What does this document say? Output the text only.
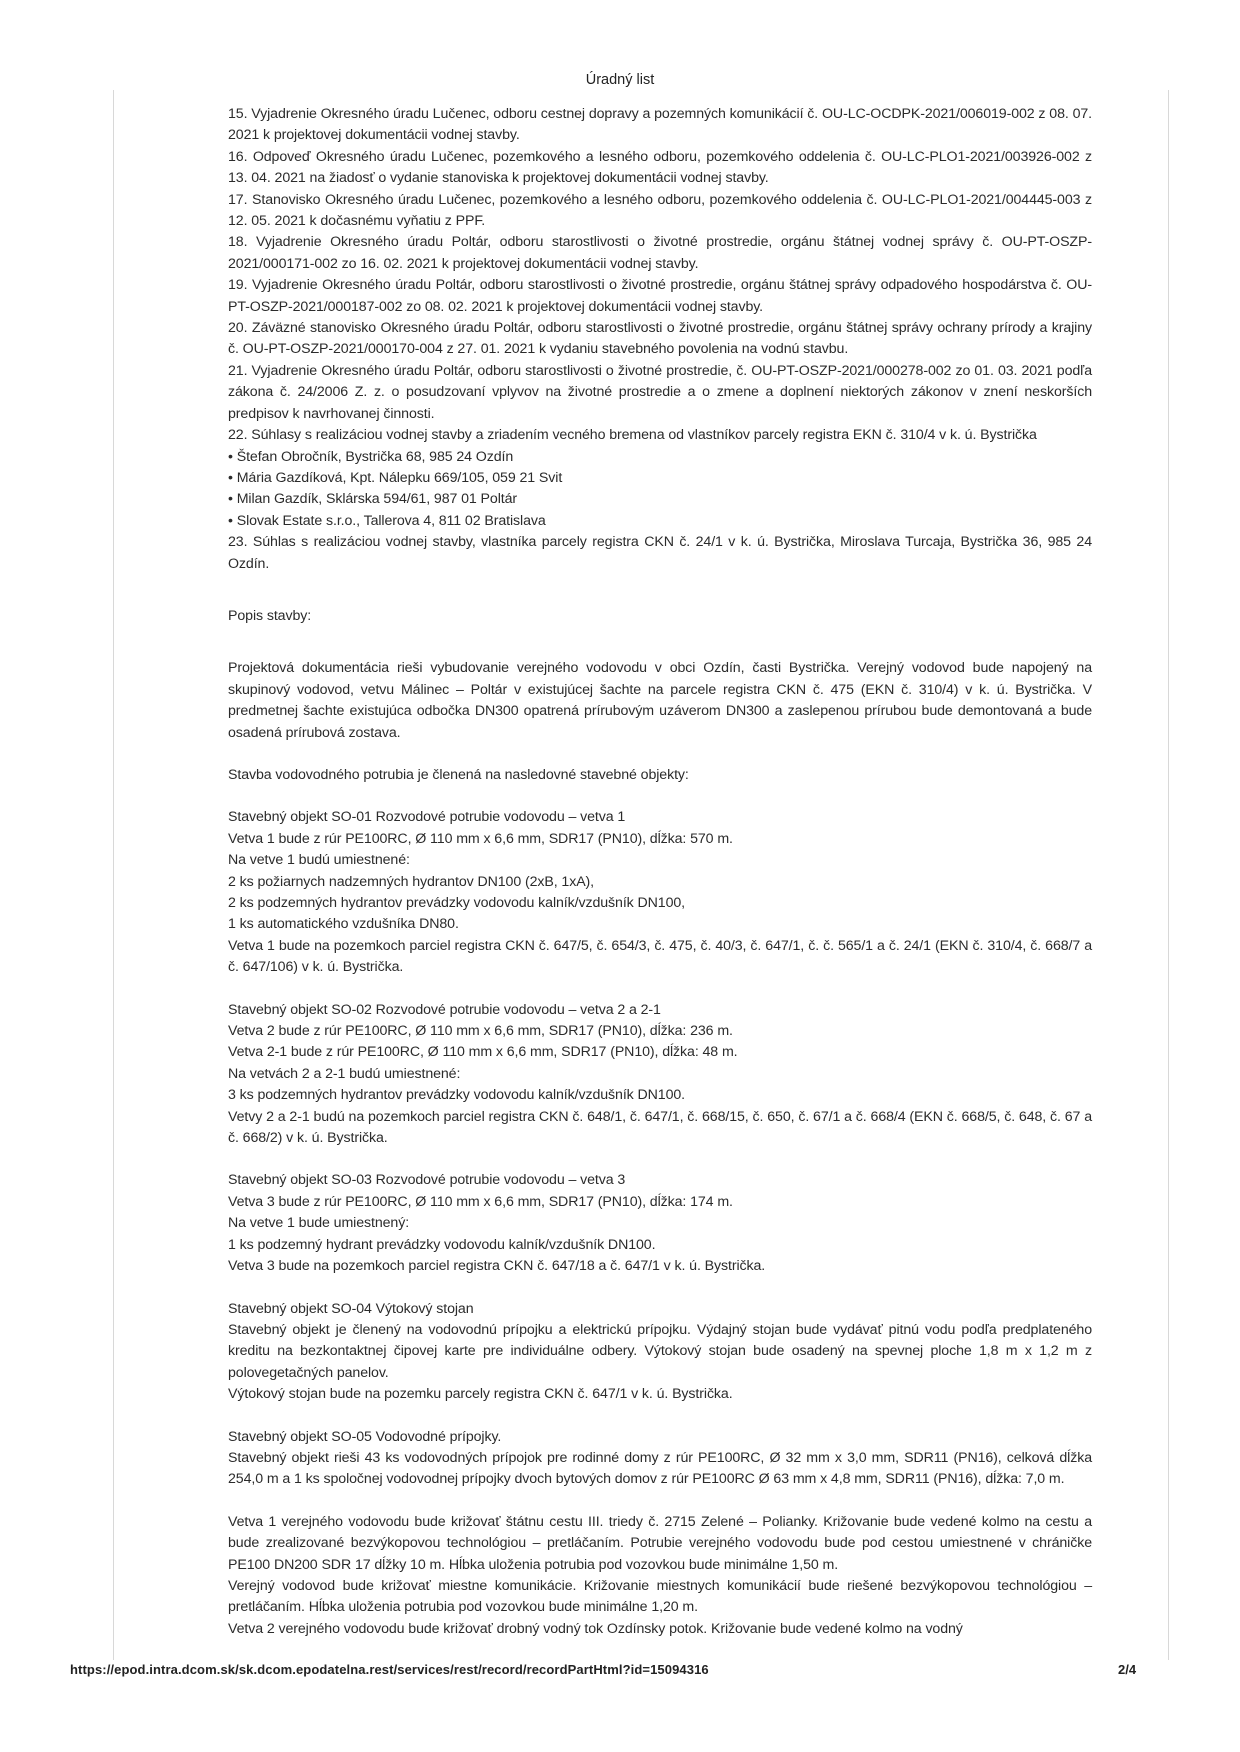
Úradný list

15. Vyjadrenie Okresného úradu Lučenec, odboru cestnej dopravy a pozemných komunikácií č. OU-LC-OCDPK-2021/006019-002 z 08. 07. 2021 k projektovej dokumentácii vodnej stavby.

16. Odpoveď Okresného úradu Lučenec, pozemkového a lesného odboru, pozemkového oddelenia č. OU-LC-PLO1-2021/003926-002 z 13. 04. 2021 na žiadosť o vydanie stanoviska k projektovej dokumentácii vodnej stavby.

17. Stanovisko Okresného úradu Lučenec, pozemkového a lesného odboru, pozemkového oddelenia č. OU-LC-PLO1-2021/004445-003 z 12. 05. 2021 k dočasnému vyňatiu z PPF.

18. Vyjadrenie Okresného úradu Poltár, odboru starostlivosti o životné prostredie, orgánu štátnej vodnej správy č. OU-PT-OSZP-2021/000171-002 zo 16. 02. 2021 k projektovej dokumentácii vodnej stavby.

19. Vyjadrenie Okresného úradu Poltár, odboru starostlivosti o životné prostredie, orgánu štátnej správy odpadového hospodárstva č. OU-PT-OSZP-2021/000187-002 zo 08. 02. 2021 k projektovej dokumentácii vodnej stavby.

20. Záväzné stanovisko Okresného úradu Poltár, odboru starostlivosti o životné prostredie, orgánu štátnej správy ochrany prírody a krajiny č. OU-PT-OSZP-2021/000170-004 z 27. 01. 2021 k vydaniu stavebného povolenia na vodnú stavbu.

21. Vyjadrenie Okresného úradu Poltár, odboru starostlivosti o životné prostredie, č. OU-PT-OSZP-2021/000278-002 zo 01. 03. 2021 podľa zákona č. 24/2006 Z. z. o posudzovaní vplyvov na životné prostredie a o zmene a doplnení niektorých zákonov v znení neskorších predpisov k navrhovanej činnosti.

22. Súhlasy s realizáciou vodnej stavby a zriadením vecného bremena od vlastníkov parcely registra EKN č. 310/4 v k. ú. Bystrička

• Štefan Obročník, Bystrička 68, 985 24 Ozdín

• Mária Gazdíková, Kpt. Nálepku 669/105, 059 21 Svit

• Milan Gazdík, Sklárska 594/61, 987 01 Poltár

• Slovak Estate s.r.o., Tallerova 4, 811 02 Bratislava

23. Súhlas s realizáciou vodnej stavby, vlastníka parcely registra CKN č. 24/1 v k. ú. Bystrička, Miroslava Turcaja, Bystrička 36, 985 24 Ozdín.

Popis stavby:

Projektová dokumentácia rieši vybudovanie verejného vodovodu v obci Ozdín, časti Bystrička. Verejný vodovod bude napojený na skupinový vodovod, vetvu Málinec – Poltár v existujúcej šachte na parcele registra CKN č. 475 (EKN č. 310/4) v k. ú. Bystrička. V predmetnej šachte existujúca odbočka DN300 opatrená prírubovým uzáverom DN300 a zaslepenou prírubou bude demontovaná a bude osadená prírubová zostava.

Stavba vodovodného potrubia je členená na nasledovné stavebné objekty:

Stavebný objekt SO-01 Rozvodové potrubie vodovodu – vetva 1

Vetva 1 bude z rúr PE100RC, Ø 110 mm x 6,6 mm, SDR17 (PN10), dĺžka: 570 m.

Na vetve 1 budú umiestnené:

2 ks požiarnych nadzemných hydrantov DN100 (2xB, 1xA),

2 ks podzemných hydrantov prevádzky vodovodu kalník/vzdušník DN100,

1 ks automatického vzdušníka DN80.

Vetva 1 bude na pozemkoch parciel registra CKN č. 647/5, č. 654/3, č. 475, č. 40/3, č. 647/1, č. č. 565/1 a č. 24/1 (EKN č. 310/4, č. 668/7 a č. 647/106) v k. ú. Bystrička.

Stavebný objekt SO-02 Rozvodové potrubie vodovodu – vetva 2 a 2-1

Vetva 2 bude z rúr PE100RC, Ø 110 mm x 6,6 mm, SDR17 (PN10), dĺžka: 236 m.

Vetva 2-1 bude z rúr PE100RC, Ø 110 mm x 6,6 mm, SDR17 (PN10), dĺžka: 48 m.

Na vetvách 2 a 2-1 budú umiestnené:

3 ks podzemných hydrantov prevádzky vodovodu kalník/vzdušník DN100.

Vetvy 2 a 2-1 budú na pozemkoch parciel registra CKN č. 648/1, č. 647/1, č. 668/15, č. 650, č. 67/1 a č. 668/4 (EKN č. 668/5, č. 648, č. 67 a č. 668/2) v k. ú. Bystrička.

Stavebný objekt SO-03 Rozvodové potrubie vodovodu – vetva 3

Vetva 3 bude z rúr PE100RC, Ø 110 mm x 6,6 mm, SDR17 (PN10), dĺžka: 174 m.

Na vetve 1 bude umiestnený:

1 ks podzemný hydrant prevádzky vodovodu kalník/vzdušník DN100.

Vetva 3 bude na pozemkoch parciel registra CKN č. 647/18 a č. 647/1 v k. ú. Bystrička.

Stavebný objekt SO-04 Výtokový stojan

Stavebný objekt je členený na vodovodnú prípojku a elektrickú prípojku. Výdajný stojan bude vydávať pitnú vodu podľa predplateného kreditu na bezkontaktnej čipovej karte pre individuálne odbery. Výtokový stojan bude osadený na spevnej ploche 1,8 m x 1,2 m z polovegetačných panelov.

Výtokový stojan bude na pozemku parcely registra CKN č. 647/1 v k. ú. Bystrička.

Stavebný objekt SO-05 Vodovodné prípojky.

Stavebný objekt rieši 43 ks vodovodných prípojok pre rodinné domy z rúr PE100RC, Ø 32 mm x 3,0 mm, SDR11 (PN16), celková dĺžka 254,0 m a 1 ks spoločnej vodovodnej prípojky dvoch bytových domov z rúr PE100RC Ø 63 mm x 4,8 mm, SDR11 (PN16), dĺžka: 7,0 m.

Vetva 1 verejného vodovodu bude križovať štátnu cestu III. triedy č. 2715 Zelené – Polianky. Križovanie bude vedené kolmo na cestu a bude zrealizované bezvýkopovou technológiou – pretláčaním. Potrubie verejného vodovodu bude pod cestou umiestnené v chráničke PE100 DN200 SDR 17 dĺžky 10 m. Hĺbka uloženia potrubia pod vozovkou bude minimálne 1,50 m.

Verejný vodovod bude križovať miestne komunikácie. Križovanie miestnych komunikácií bude riešené bezvýkopovou technológiou – pretláčaním. Hĺbka uloženia potrubia pod vozovkou bude minimálne 1,20 m.

Vetva 2 verejného vodovodu bude križovať drobný vodný tok Ozdínsky potok. Križovanie bude vedené kolmo na vodný

https://epod.intra.dcom.sk/sk.dcom.epodatelna.rest/services/rest/record/recordPartHtml?id=15094316	2/4
